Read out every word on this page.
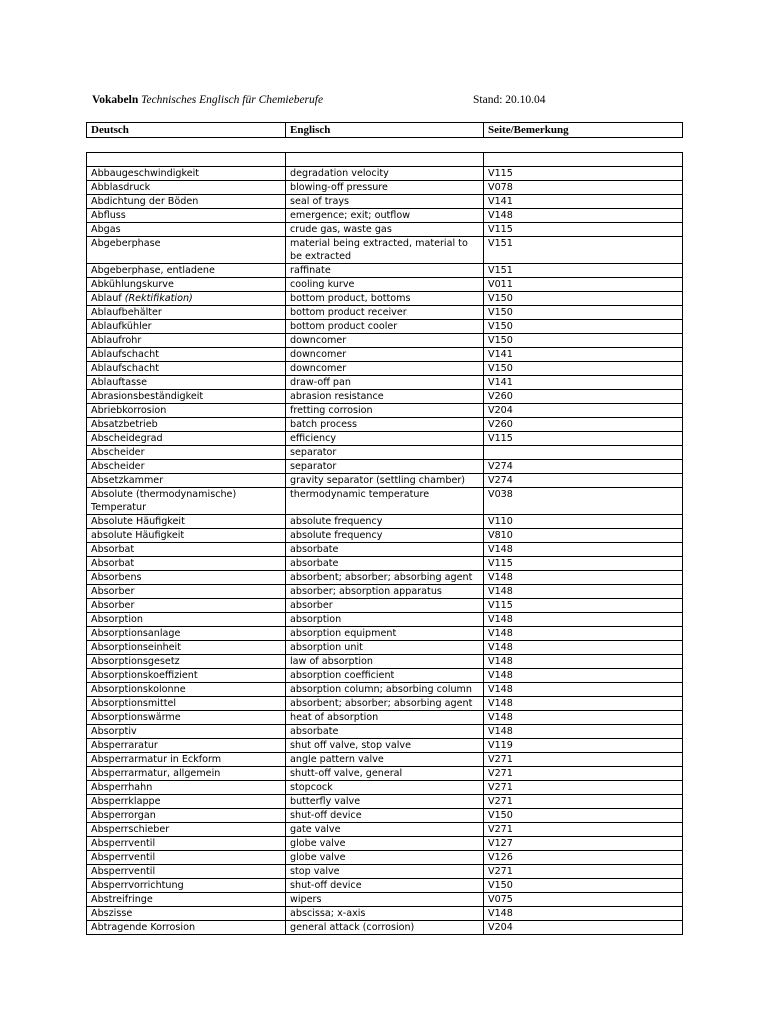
Vokabeln Technisches Englisch für Chemieberufe	Stand: 20.10.04
Deutsch	Englisch	Seite/Bemerkung

Abbaugeschwindigkeit	degradation velocity	V115
Abblasdruck	blowing-off pressure	V078
Abdichtung der Böden	seal of trays	V141
Abfluss	emergence; exit; outflow	V148
Abgas	crude gas, waste gas	V115
Abgeberphase	material being extracted, material to be extracted	V151
Abgeberphase, entladene	raffinate	V151
Abkühlungskurve	cooling kurve	V011
Ablauf (Rektifikation)	bottom product, bottoms	V150
Ablaufbehälter	bottom product receiver	V150
Ablaufkühler	bottom product cooler	V150
Ablaufrohr	downcomer	V150
Ablaufschacht	downcomer	V141
Ablaufschacht	downcomer	V150
Ablauftasse	draw-off pan	V141
Abrasionsbeständigkeit	abrasion resistance	V260
Abriebkorrosion	fretting corrosion	V204
Absatzbetrieb	batch process	V260
Abscheidegrad	efficiency	V115
Abscheider	separator	
Abscheider	separator	V274
Absetzkammer	gravity separator (settling chamber)	V274
Absolute (thermodynamische) Temperatur	thermodynamic temperature	V038
Absolute Häufigkeit	absolute frequency	V110
absolute Häufigkeit	absolute frequency	V810
Absorbat	absorbate	V148
Absorbat	absorbate	V115
Absorbens	absorbent; absorber; absorbing agent	V148
Absorber	absorber; absorption apparatus	V148
Absorber	absorber	V115
Absorption	absorption	V148
Absorptionsanlage	absorption equipment	V148
Absorptionseinheit	absorption unit	V148
Absorptionsgesetz	law of absorption	V148
Absorptionskoeffizient	absorption coefficient	V148
Absorptionskolonne	absorption column; absorbing column	V148
Absorptionsmittel	absorbent; absorber; absorbing agent	V148
Absorptionswärme	heat of absorption	V148
Absorptiv	absorbate	V148
Absperraratur	shut off valve, stop valve	V119
Absperrarmatur in Eckform	angle pattern valve	V271
Absperrarmatur, allgemein	shutt-off valve, general	V271
Absperrhahn	stopcock	V271
Absperrklappe	butterfly valve	V271
Absperrorgan	shut-off device	V150
Absperrschieber	gate valve	V271
Absperrventil	globe valve	V127
Absperrventil	globe valve	V126
Absperrventil	stop valve	V271
Absperrvorrichtung	shut-off device	V150
Abstreifringe	wipers	V075
Abszisse	abscissa; x-axis	V148
Abtragende Korrosion	general attack (corrosion)	V204
